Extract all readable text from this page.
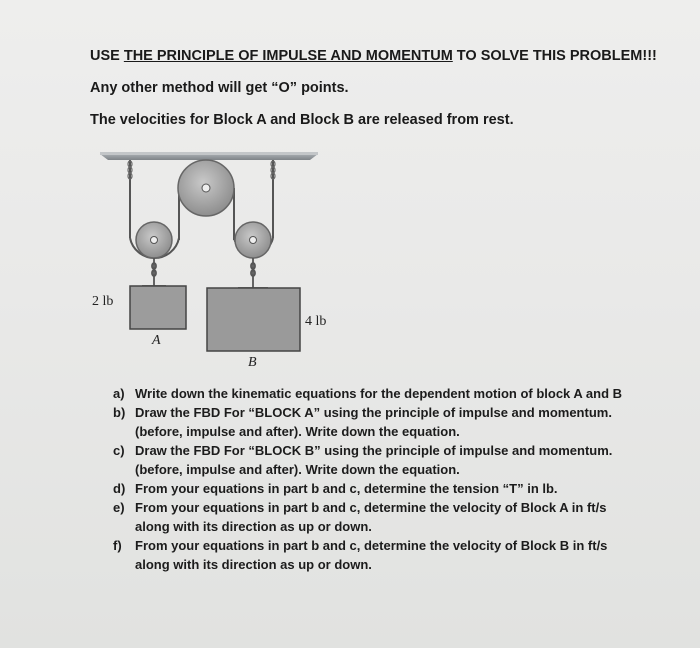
USE THE PRINCIPLE OF IMPULSE AND MOMENTUM TO SOLVE THIS PROBLEM!!!
Any other method will get “O” points.
The velocities for Block A and Block B are released from rest.
2 lb
A
4 lb
B
a) Write down the kinematic equations for the dependent motion of block A and B
b) Draw the FBD For “BLOCK A” using the principle of impulse and momentum. (before, impulse and after). Write down the equation.
c) Draw the FBD For “BLOCK B” using the principle of impulse and momentum. (before, impulse and after). Write down the equation.
d) From your equations in part b and c, determine the tension “T” in lb.
e) From your equations in part b and c, determine the velocity of Block A in ft/s along with its direction as up or down.
f) From your equations in part b and c, determine the velocity of Block B in ft/s along with its direction as up or down.
